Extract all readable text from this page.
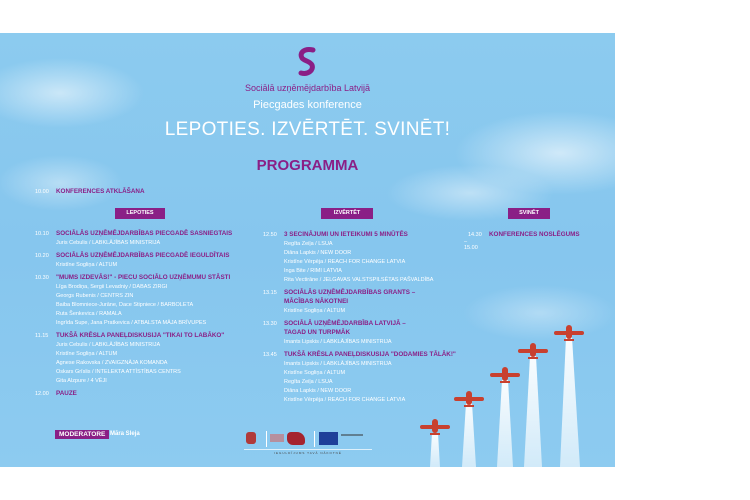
Sociālā uzņēmējdarbība Latvijā
Piecgades konference
LEPOTIES. IZVĒRTĒT. SVINĒT!
PROGRAMMA
10.00 KONFERENCES ATKLĀŠANA
LEPOTIES	IZVĒRTĒT	SVINĒT
10.10 SOCIĀLĀS UZŅĒMĒJDARBĪBAS PIECGADĒ SASNIEGTAIS
Juris Cebulis / LABKLĀJĪBAS MINISTRIJA
10.20 SOCIĀLĀS UZŅĒMĒJDARBĪBAS PIECGADĒ IEGULDĪTAIS
Kristīne Sogliņa / ALTUM
10.30 "MUMS IZDEVĀS!" - PIECU SOCIĀLO UZŅĒMUMU STĀSTI
Līga Brodiņa, Sergii Levadniy / DABAS ZIRGI
Georgs Rubenis / CENTRS ZIN
Baiba Blomniece-Jurāne, Dace Stipniece / BARBOLETA
Ruta Šenkevica / RAMALA
Ingrīda Supe, Jana Pratkevica / ATBALSTA MĀJA BRĪVUPES
11.15 TUKŠĀ KRĒSLA PANEĻDISKUSIJA "TIKAI TO LABĀKO"
Juris Cebulis / LABKLĀJĪBAS MINISTRIJA
Kristīne Sogliņa / ALTUM
Agnese Rakovska / ZVAIGZNĀJA KOMANDA
Oskars Grīslis / INTELEKTA ATTĪSTĪBAS CENTRS
Gita Alzpure / 4 VĒJI
12.00 PAUZE
12.50 3 SECINĀJUMI UN IETEIKUMI 5 MINŪTĒS
Regīta Zeiļa / LSUA
Diāna Lapkis / NEW DOOR
Kristīne Vērpēja / REACH FOR CHANGE LATVIA
Inga Bite / RIMI LATVIA
Rita Vectirāne / JELGAVAS VALSTSPILSĒTAS PAŠVALDĪBA
13.15 SOCIĀLĀS UZŅĒMĒJDARBĪBAS GRANTS –
MĀCĪBAS NĀKOTNEI
Kristīne Sogliņa / ALTUM
13.30 SOCIĀLĀ UZŅĒMĒJDARBĪBA LATVIJĀ –
TAGAD UN TURPMĀK
Imants Lipskis / LABKLĀJĪBAS MINISTRIJA
13.45 TUKŠĀ KRĒSLA PANEĻDISKUSIJA "DODAMIES TĀLĀK!"
Imants Lipskis / LABKLĀJĪBAS MINISTRIJA
Kristīne Sogliņa / ALTUM
Regīta Zeiļa / LSUA
Diāna Lapkis / NEW DOOR
Kristīne Vērpēja / REACH FOR CHANGE LATVIA
14.30
– 15.00
KONFERENCES NOSLĒGUMS
MODERATORE Māra Sleja
IEGULDĪJUMS TAVĀ NĀKOTNĒ
